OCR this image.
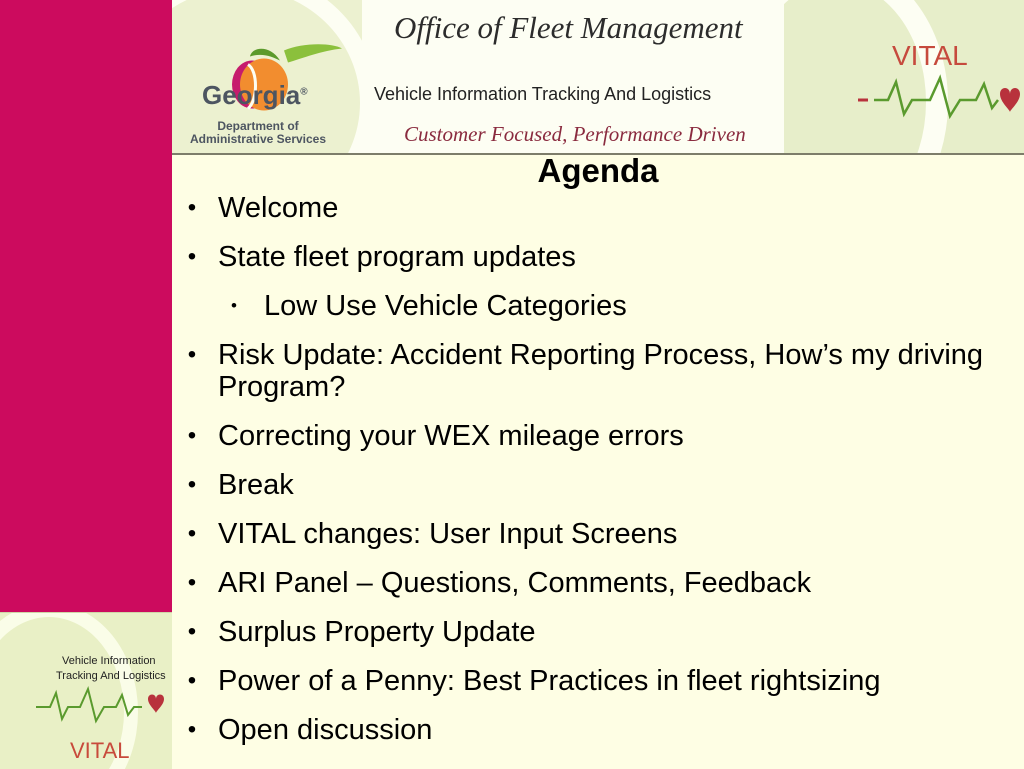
Vehicle Information
Tracking And Logistics
VITAL
Georgia®
Department of
Administrative Services
Office of Fleet Management
Vehicle Information Tracking And Logistics
Customer Focused, Performance Driven
VITAL
Agenda
• Welcome
• State fleet program updates
• Low Use Vehicle Categories
• Risk Update: Accident Reporting Process, How’s my driving Program?
• Correcting your WEX mileage errors
• Break
• VITAL changes: User Input Screens
• ARI Panel – Questions, Comments, Feedback
• Surplus Property Update
• Power of a Penny: Best Practices in fleet rightsizing
• Open discussion
